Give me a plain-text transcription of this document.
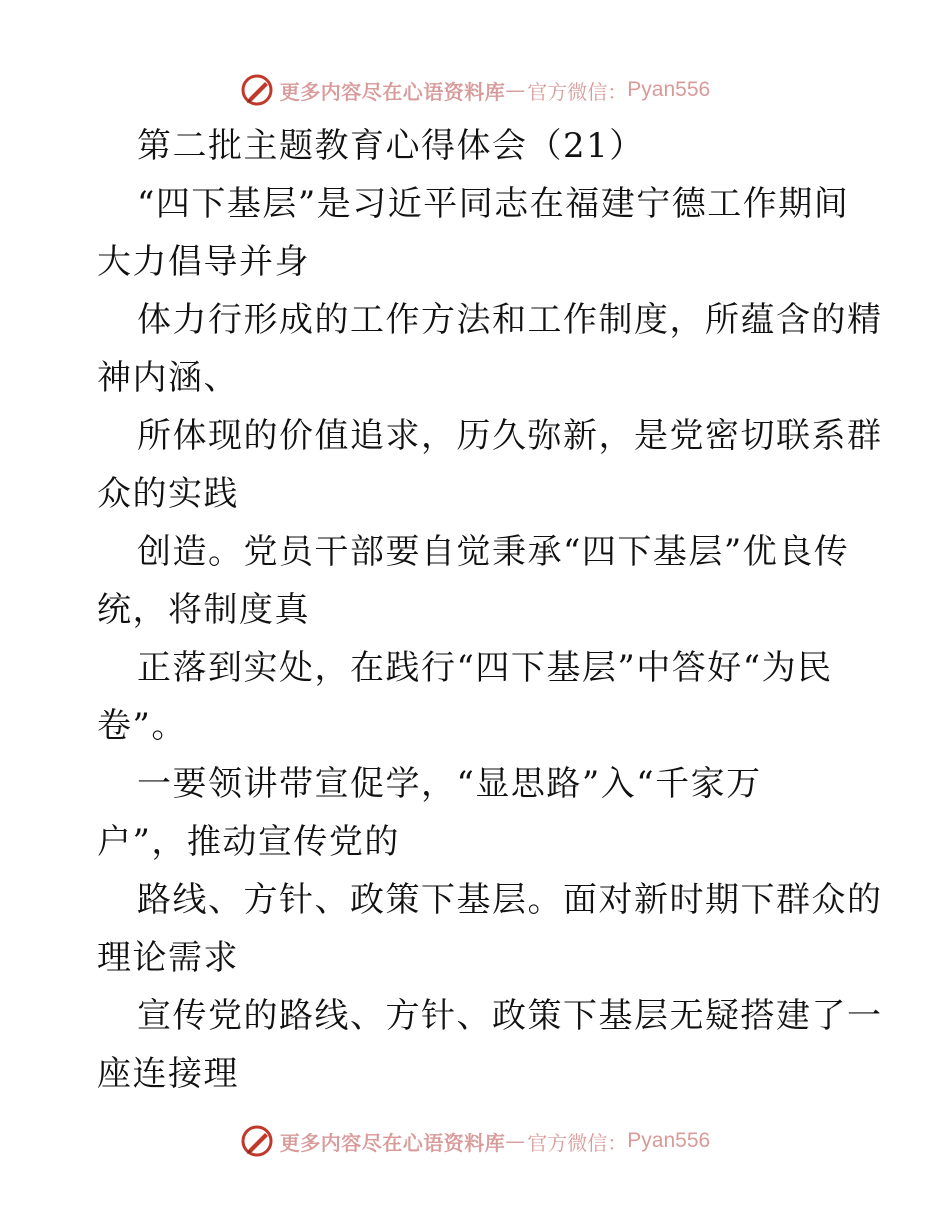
更多内容尽在心语资料库 — 官方微信： Pyan556
第二批主题教育心得体会（21）
“四下基层”是习近平同志在福建宁德工作期间
大力倡导并身
体力行形成的工作方法和工作制度，所蕴含的精
神内涵、
所体现的价值追求，历久弥新，是党密切联系群
众的实践
创造。党员干部要自觉秉承“四下基层”优良传
统，将制度真
正落到实处，在践行“四下基层”中答好“为民
卷”。
一要领讲带宣促学，“显思路”入“千家万
户”，推动宣传党的
路线、方针、政策下基层。面对新时期下群众的
理论需求
宣传党的路线、方针、政策下基层无疑搭建了一
座连接理
更多内容尽在心语资料库 — 官方微信： Pyan556
